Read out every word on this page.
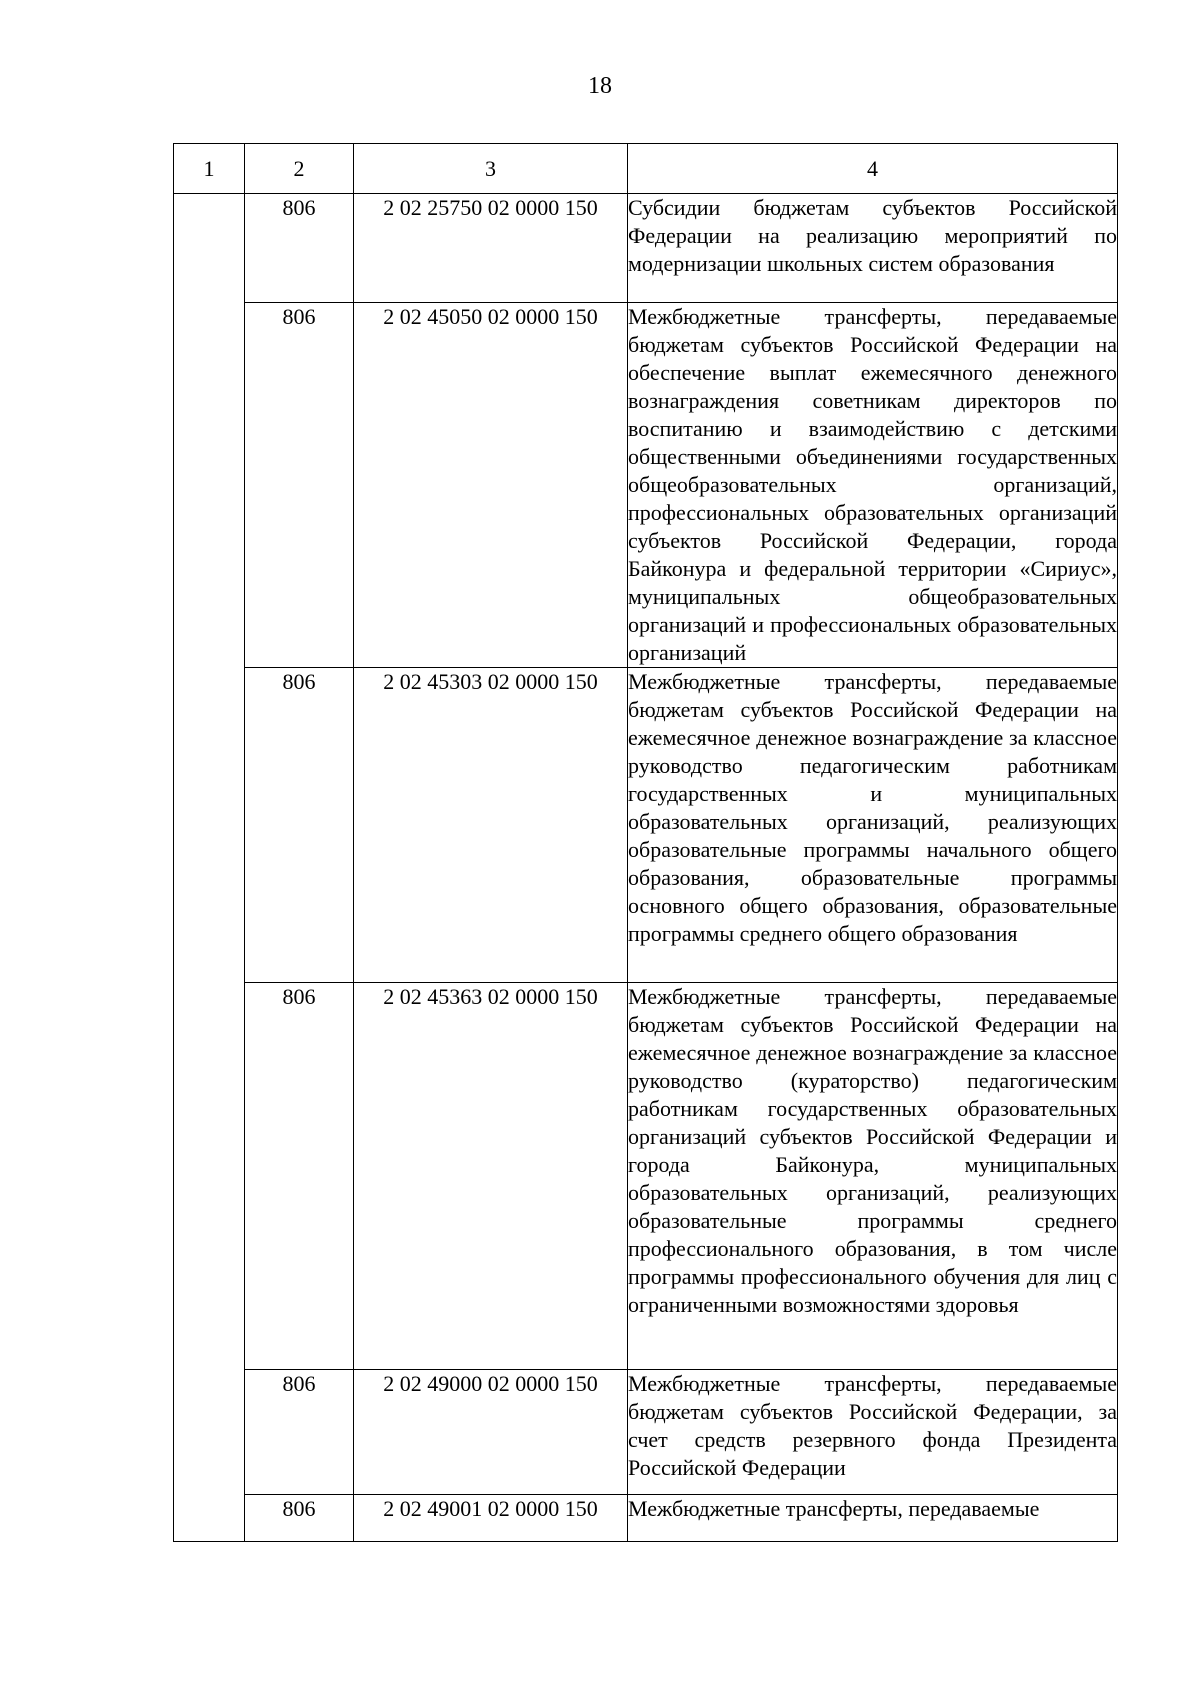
18
1	2	3	4
	806	2 02 25750 02 0000 150	Субсидии бюджетам субъектов Российской Федерации на реализацию мероприятий по модернизации школьных систем образования
	806	2 02 45050 02 0000 150	Межбюджетные трансферты, передаваемые бюджетам субъектов Российской Федерации на обеспечение выплат ежемесячного денежного вознаграждения советникам директоров по воспитанию и взаимодействию с детскими общественными объединениями государственных общеобразовательных организаций, профессиональных образовательных организаций субъектов Российской Федерации, города Байконура и федеральной территории «Сириус», муниципальных общеобразовательных организаций и профессиональных образовательных организаций
	806	2 02 45303 02 0000 150	Межбюджетные трансферты, передаваемые бюджетам субъектов Российской Федерации на ежемесячное денежное вознаграждение за классное руководство педагогическим работникам государственных и муниципальных образовательных организаций, реализующих образовательные программы начального общего образования, образовательные программы основного общего образования, образовательные программы среднего общего образования
	806	2 02 45363 02 0000 150	Межбюджетные трансферты, передаваемые бюджетам субъектов Российской Федерации на ежемесячное денежное вознаграждение за классное руководство (кураторство) педагогическим работникам государственных образовательных организаций субъектов Российской Федерации и города Байконура, муниципальных образовательных организаций, реализующих образовательные программы среднего профессионального образования, в том числе программы профессионального обучения для лиц с ограниченными возможностями здоровья
	806	2 02 49000 02 0000 150	Межбюджетные трансферты, передаваемые бюджетам субъектов Российской Федерации, за счет средств резервного фонда Президента Российской Федерации
	806	2 02 49001 02 0000 150	Межбюджетные трансферты, передаваемые
